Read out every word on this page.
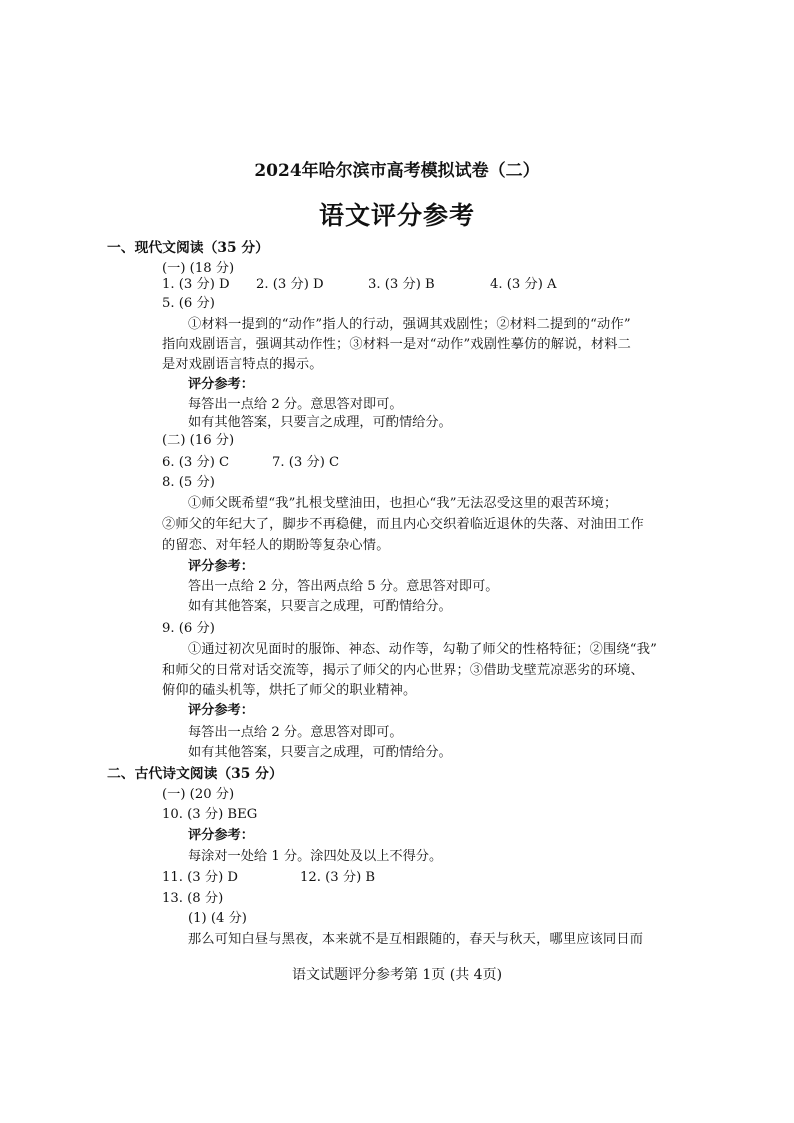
2024年哈尔滨市高考模拟试卷（二）
语文评分参考
一、现代文阅读（35 分）
(一) (18 分)
1. (3 分) D 2. (3 分) D	3. (3 分) B	4. (3 分) A
5. (6 分)
①材料一提到的“动作”指人的行动，强调其戏剧性；②材料二提到的“动作”
指向戏剧语言，强调其动作性；③材料一是对“动作”戏剧性摹仿的解说，材料二
是对戏剧语言特点的揭示。
评分参考：
每答出一点给 2 分。意思答对即可。
如有其他答案，只要言之成理，可酌情给分。
(二) (16 分)
6. (3 分) C	7. (3 分) C
8. (5 分)
①师父既希望“我”扎根戈壁油田，也担心“我”无法忍受这里的艰苦环境；
②师父的年纪大了，脚步不再稳健，而且内心交织着临近退休的失落、对油田工作
的留恋、对年轻人的期盼等复杂心情。
评分参考：
答出一点给 2 分，答出两点给 5 分。意思答对即可。
如有其他答案，只要言之成理，可酌情给分。
9. (6 分)
①通过初次见面时的服饰、神态、动作等，勾勒了师父的性格特征；②围绕“我”
和师父的日常对话交流等，揭示了师父的内心世界；③借助戈壁荒凉恶劣的环境、
俯仰的磕头机等，烘托了师父的职业精神。
评分参考：
每答出一点给 2 分。意思答对即可。
如有其他答案，只要言之成理，可酌情给分。
二、古代诗文阅读（35 分）
(一) (20 分)
10. (3 分) BEG
评分参考：
每涂对一处给 1 分。涂四处及以上不得分。
11. (3 分) D	12. (3 分) B
13. (8 分)
(1) (4 分)
那么可知白昼与黑夜，本来就不是互相跟随的，春天与秋天，哪里应该同日而
语文试题评分参考第 1页 (共 4页)
